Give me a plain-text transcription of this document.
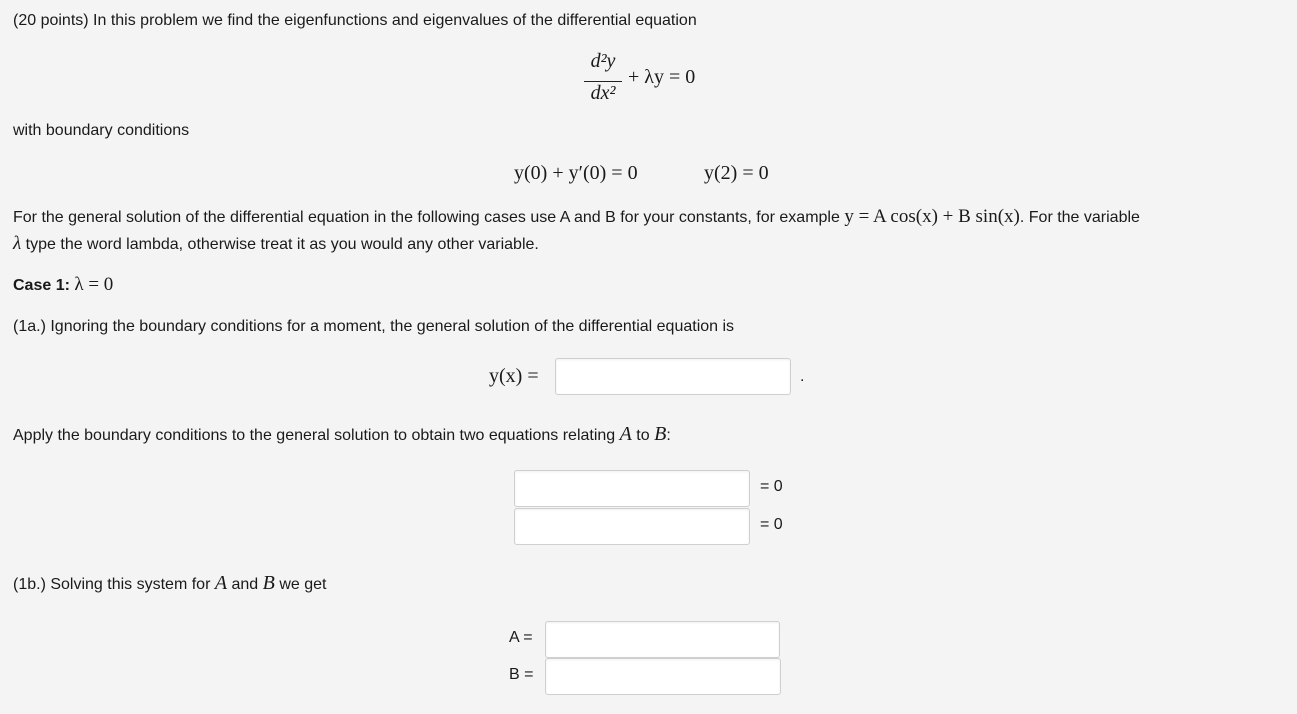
(20 points) In this problem we find the eigenfunctions and eigenvalues of the differential equation
d²y
dx²
+ λy = 0
with boundary conditions
y(0) + y′(0) = 0	y(2) = 0
For the general solution of the differential equation in the following cases use A and B for your constants, for example y = A cos(x) + B sin(x). For the variable
λ type the word lambda, otherwise treat it as you would any other variable.
Case 1: λ = 0
(1a.) Ignoring the boundary conditions for a moment, the general solution of the differential equation is
y(x) =	.
Apply the boundary conditions to the general solution to obtain two equations relating A to B:
= 0
= 0
(1b.) Solving this system for A and B we get
A =
B =
